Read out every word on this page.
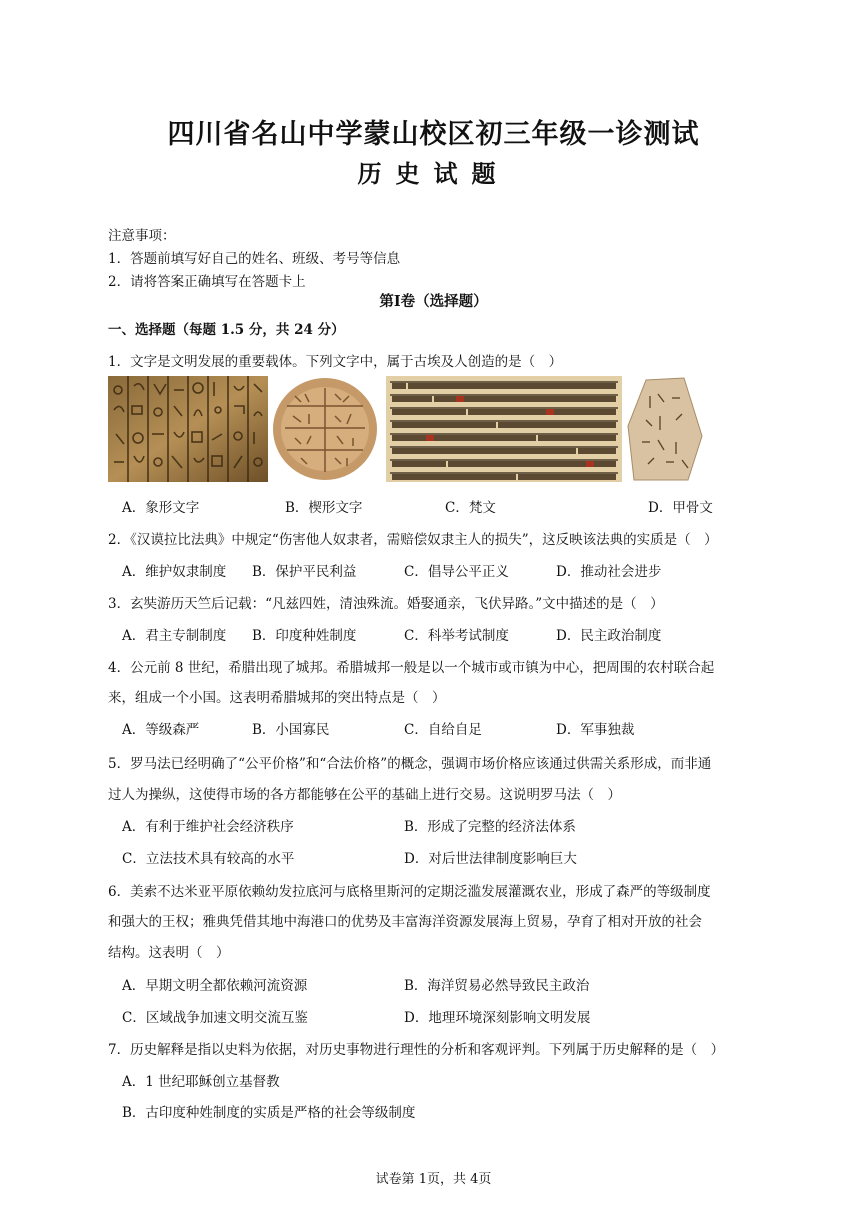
四川省名山中学蒙山校区初三年级一诊测试
历史试题
注意事项：
1．答题前填写好自己的姓名、班级、考号等信息
2．请将答案正确填写在答题卡上
第Ⅰ卷（选择题）
一、选择题（每题 1.5 分，共 24 分）
1．文字是文明发展的重要载体。下列文字中，属于古埃及人创造的是（　）
A．象形文字	B．楔形文字	C．梵文	D．甲骨文
2．《汉谟拉比法典》中规定“伤害他人奴隶者，需赔偿奴隶主人的损失”，这反映该法典的实质是（　）
A．维护奴隶制度 B．保护平民利益	C．倡导公平正义	D．推动社会进步
3．玄奘游历天竺后记载：“凡兹四姓，清浊殊流。婚娶通亲，飞伏异路。”文中描述的是（　）
A．君主专制制度 B．印度种姓制度	C．科举考试制度	D．民主政治制度
4．公元前 8 世纪，希腊出现了城邦。希腊城邦一般是以一个城市或市镇为中心，把周围的农村联合起
来，组成一个小国。这表明希腊城邦的突出特点是（　）
A．等级森严	B．小国寡民	C．自给自足	D．军事独裁
5．罗马法已经明确了“公平价格”和“合法价格”的概念，强调市场价格应该通过供需关系形成，而非通
过人为操纵，这使得市场的各方都能够在公平的基础上进行交易。这说明罗马法（　）
A．有利于维护社会经济秩序	B．形成了完整的经济法体系
C．立法技术具有较高的水平	D．对后世法律制度影响巨大
6．美索不达米亚平原依赖幼发拉底河与底格里斯河的定期泛滥发展灌溉农业，形成了森严的等级制度
和强大的王权；雅典凭借其地中海港口的优势及丰富海洋资源发展海上贸易，孕育了相对开放的社会
结构。这表明（　）
A．早期文明全都依赖河流资源	B．海洋贸易必然导致民主政治
C．区域战争加速文明交流互鉴	D．地理环境深刻影响文明发展
7．历史解释是指以史料为依据，对历史事物进行理性的分析和客观评判。下列属于历史解释的是（　）
A．1 世纪耶稣创立基督教
B．古印度种姓制度的实质是严格的社会等级制度
试卷第 1页，共 4页
